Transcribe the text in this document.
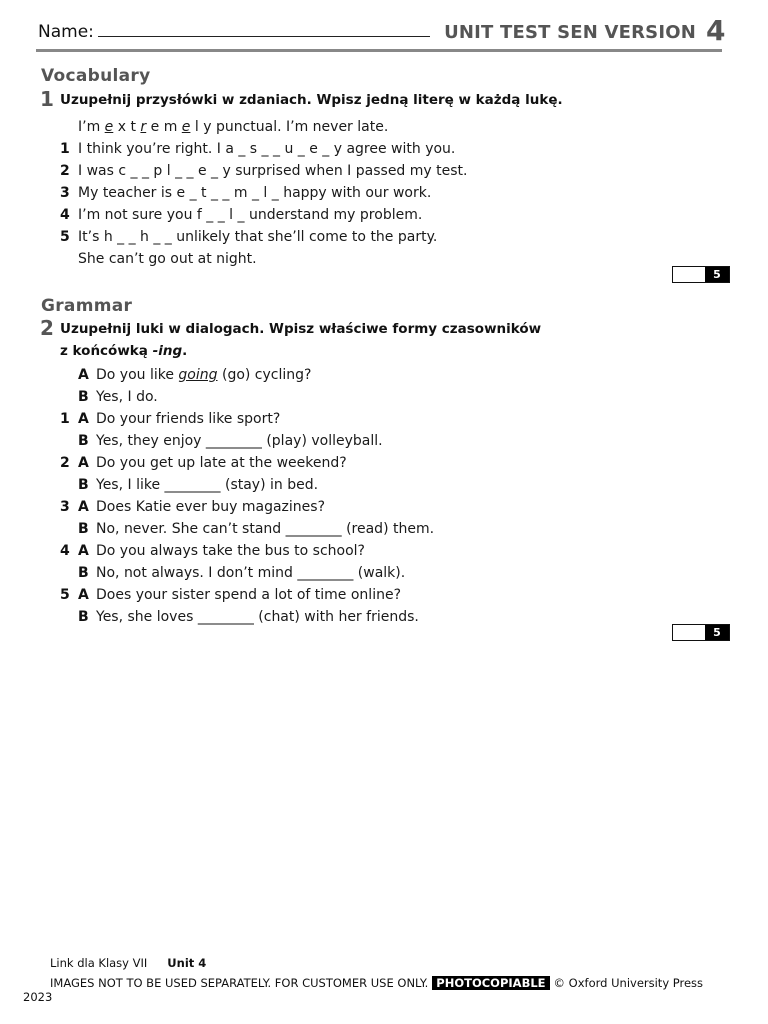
Name:	UNIT TEST SEN VERSION 4
Vocabulary
1 Uzupełnij przysłówki w zdaniach. Wpisz jedną literę w każdą lukę.
I’m e x t r e m e l y punctual. I’m never late.
1 I think you’re right. I a _ s _ _ u _ e _ y agree with you.
2 I was c _ _ p l _ _ e _ y surprised when I passed my test.
3 My teacher is e _ t _ _ m _ l _ happy with our work.
4 I’m not sure you f _ _ l _ understand my problem.
5 It’s h _ _ h _ _ unlikely that she’ll come to the party.
She can’t go out at night.
5
Grammar
2 Uzupełnij luki w dialogach. Wpisz właściwe formy czasowników
z końcówką -ing.
A Do you like going (go) cycling?
B Yes, I do.
1 A Do your friends like sport?
B Yes, they enjoy ________ (play) volleyball.
2 A Do you get up late at the weekend?
B Yes, I like ________ (stay) in bed.
3 A Does Katie ever buy magazines?
B No, never. She can’t stand ________ (read) them.
4 A Do you always take the bus to school?
B No, not always. I don’t mind ________ (walk).
5 A Does your sister spend a lot of time online?
B Yes, she loves ________ (chat) with her friends.
5
Link dla Klasy VII Unit 4
IMAGES NOT TO BE USED SEPARATELY. FOR CUSTOMER USE ONLY. PHOTOCOPIABLE © Oxford University Press
2023
